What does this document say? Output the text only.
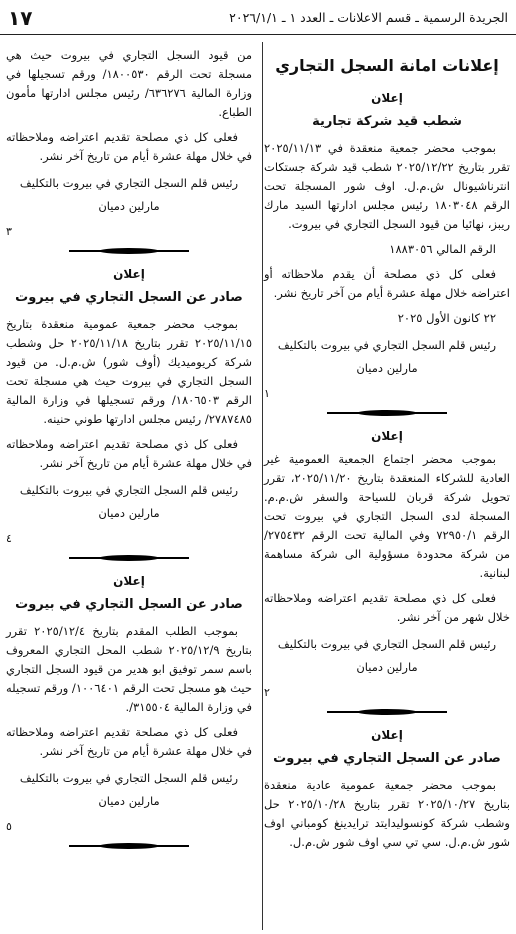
الجريدة الرسمية ـ قسم الاعلانات ـ العدد ١ ـ ٢٠٢٦/١/١
١٧
إعلانات امانة السجل التجاري
إعلان
شطب قيد شركة تجارية

بموجب محضر جمعية منعقدة في ٢٠٢٥/١١/١٣ تقرر بتاريخ ٢٠٢٥/١٢/٢٢ شطب قيد شركة جستكات انترناشيونال ش.م.ل. اوف شور المسجلة تحت الرقم ١٨٠٣٠٤٨ رئيس مجلس ادارتها السيد مارك ريبز، نهائيا من قيود السجل التجاري في بيروت.

الرقم المالي ١٨٨٣٠٥٦

فعلى كل ذي مصلحة أن يقدم ملاحظاته أو اعتراضه خلال مهلة عشرة أيام من آخر تاريخ نشر.

٢٢ كانون الأول ٢٠٢٥

رئيس قلم السجل التجاري في بيروت بالتكليف
مارلين دميان
١
إعلان

بموجب محضر اجتماع الجمعية العمومية غير العادية للشركاء المنعقدة بتاريخ ٢٠٢٥/١١/٢٠، تقرر تحويل شركة قربان للسياحة والسفر ش.م.م. المسجلة لدى السجل التجاري في بيروت تحت الرقم ٧٢٩٥٠/١ وفي المالية تحت الرقم ٢٧٥٤٣٢/ من شركة محدودة مسؤولية الى شركة مساهمة لبنانية.

فعلى كل ذي مصلحة تقديم اعتراضه وملاحظاته خلال شهر من آخر نشر.

رئيس قلم السجل التجاري في بيروت بالتكليف
مارلين دميان
٢
إعلان
صادر عن السجل التجاري في بيروت

بموجب محضر جمعية عمومية عادية منعقدة بتاريخ ٢٠٢٥/١٠/٢٧ تقرر بتاريخ ٢٠٢٥/١٠/٢٨ حل وشطب شركة كونسوليدايتد ترايدينغ كومباني اوف شور ش.م.ل. سي تي سي اوف شور ش.م.ل.

من قيود السجل التجاري في بيروت حيث هي مسجلة تحت الرقم ١٨٠٠٥٣٠/ ورقم تسجيلها في وزارة المالية ٦٣٦٢٧٦/ رئيس مجلس ادارتها مأمون الطباع.

فعلى كل ذي مصلحة تقديم اعتراضه وملاحظاته في خلال مهلة عشرة أيام من تاريخ آخر نشر.

رئيس قلم السجل التجاري في بيروت بالتكليف
مارلين دميان
٣
إعلان
صادر عن السجل التجاري في بيروت

بموجب محضر جمعية عمومية منعقدة بتاريخ ٢٠٢٥/١١/١٥ تقرر بتاريخ ٢٠٢٥/١١/١٨ حل وشطب شركة كريوميديك (أوف شور) ش.م.ل. من قيود السجل التجاري في بيروت حيث هي مسجلة تحت الرقم ١٨٠٦٥٠٣/ ورقم تسجيلها في وزارة المالية ٢٧٨٧٤٨٥/ رئيس مجلس ادارتها طوني حنينه.

فعلى كل ذي مصلحة تقديم اعتراضه وملاحظاته في خلال مهلة عشرة أيام من تاريخ آخر نشر.

رئيس قلم السجل التجاري في بيروت بالتكليف
مارلين دميان
٤
إعلان
صادر عن السجل التجاري في بيروت

بموجب الطلب المقدم بتاريخ ٢٠٢٥/١٢/٤ تقرر بتاريخ ٢٠٢٥/١٢/٩ شطب المحل التجاري المعروف باسم سمر توفيق ابو هدير من قيود السجل التجاري حيث هو مسجل تحت الرقم ١٠٠٦٤٠١/ ورقم تسجيله في وزارة المالية ٣١٥٥٠٤/.

فعلى كل ذي مصلحة تقديم اعتراضه وملاحظاته في خلال مهلة عشرة أيام من تاريخ آخر نشر.

رئيس قلم السجل التجاري في بيروت بالتكليف
مارلين دميان
٥
